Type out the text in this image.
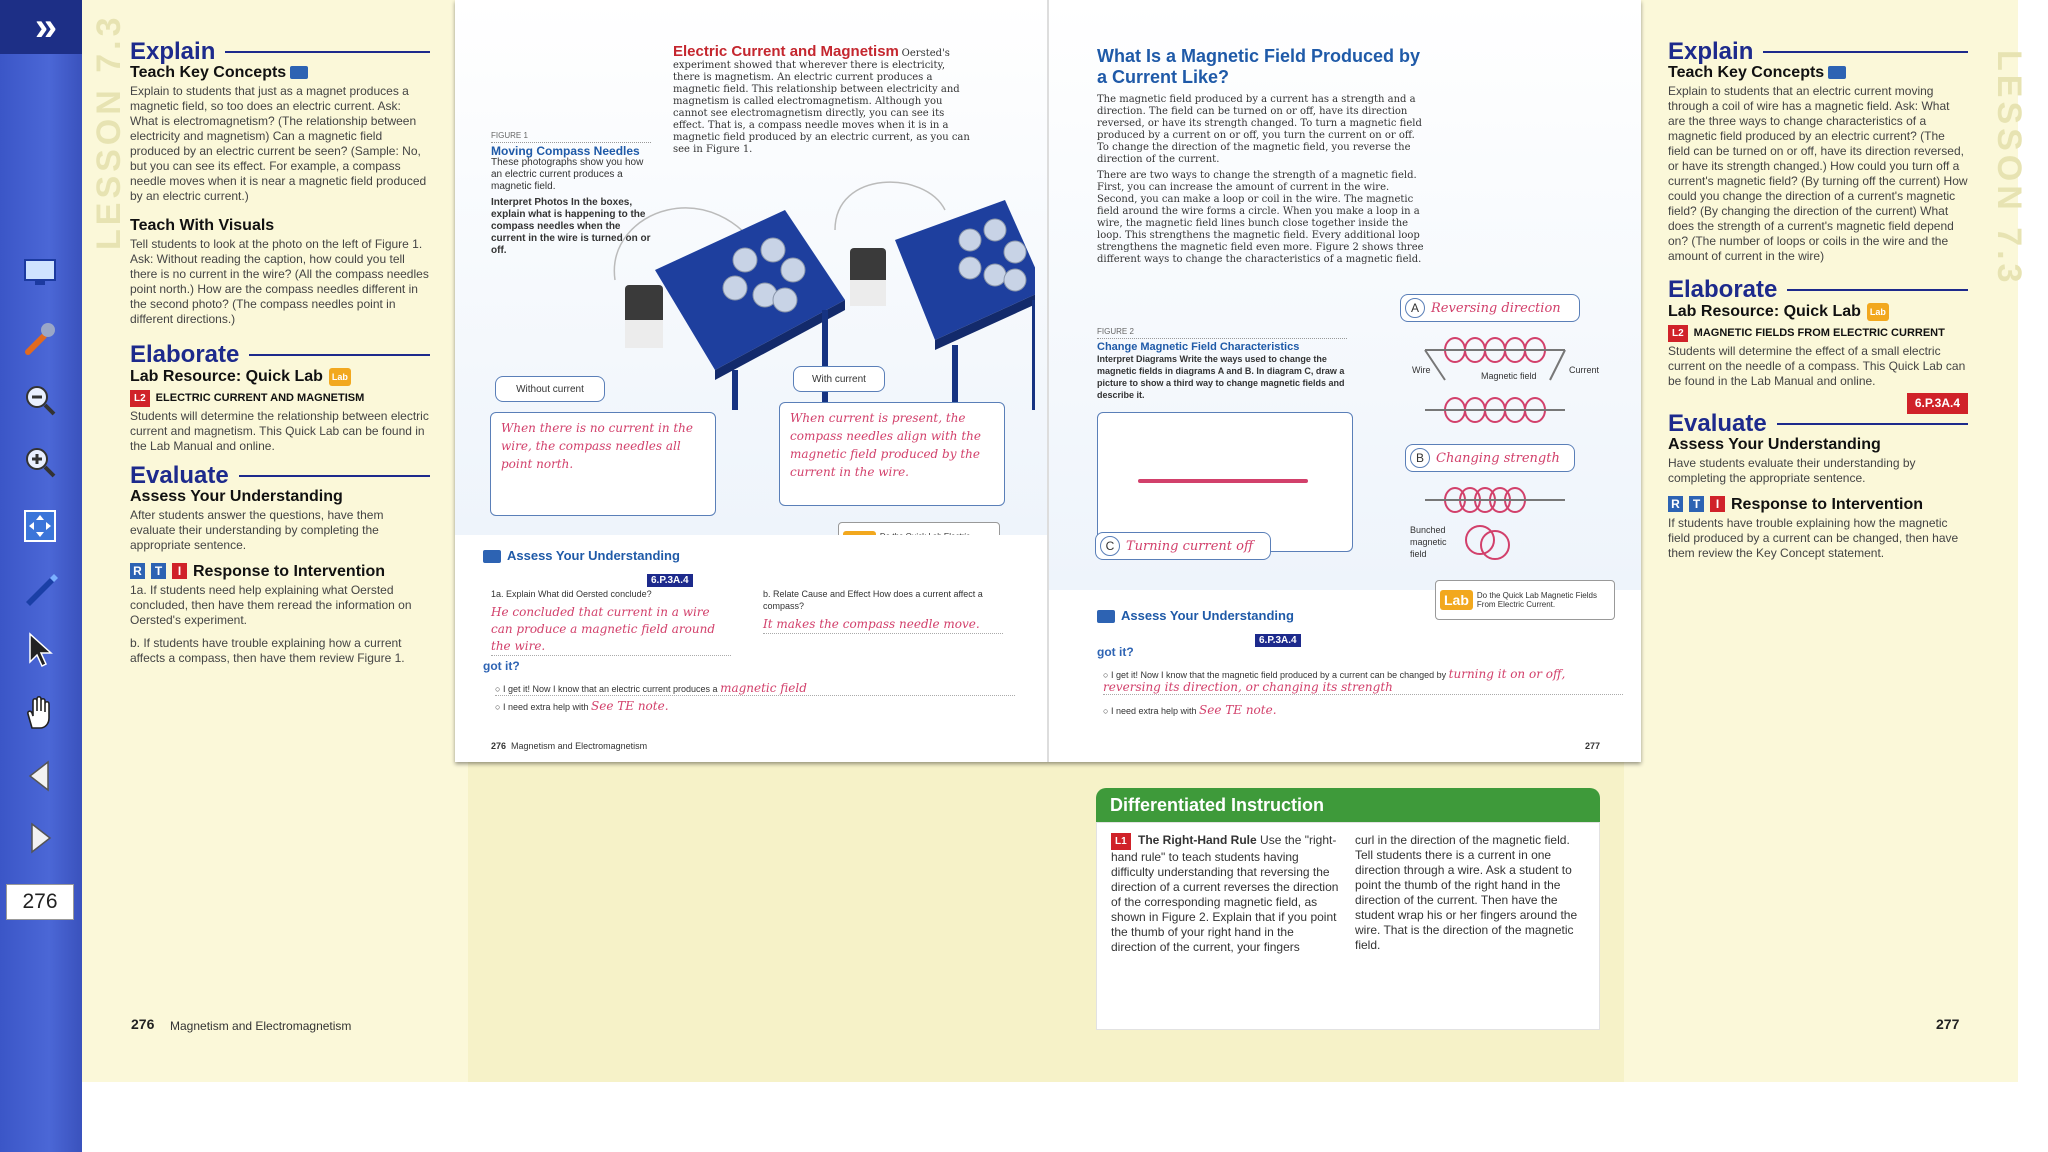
»
276
LESSON 7.3	LESSON 7.3
Explain
Teach Key Concepts
Explain to students that just as a magnet produces a magnetic field, so too does an electric current. Ask: What is electromagnetism? (The relationship between electricity and magnetism) Can a magnetic field produced by an electric current be seen? (Sample: No, but you can see its effect. For example, a compass needle moves when it is near a magnetic field produced by an electric current.)
Teach With Visuals
Tell students to look at the photo on the left of Figure 1. Ask: Without reading the caption, how could you tell there is no current in the wire? (All the compass needles point north.) How are the compass needles different in the second photo? (The compass needles point in different directions.)
Elaborate
Lab Resource: Quick Lab Lab
L2 ELECTRIC CURRENT AND MAGNETISM
Students will determine the relationship between electric current and magnetism. This Quick Lab can be found in the Lab Manual and online.
Evaluate
Assess Your Understanding
After students answer the questions, have them evaluate their understanding by completing the appropriate sentence.
R	T	I Response to Intervention
1a. If students need help explaining what Oersted concluded, then have them reread the information on Oersted's experiment.
b. If students have trouble explaining how a current affects a compass, then have them review Figure 1.
276 Magnetism and Electromagnetism
Explain
Teach Key Concepts
Explain to students that an electric current moving through a coil of wire has a magnetic field. Ask: What are the three ways to change characteristics of a magnetic field produced by an electric current? (The field can be turned on or off, have its direction reversed, or have its strength changed.) How could you turn off a current's magnetic field? (By turning off the current) How could you change the direction of a current's magnetic field? (By changing the direction of the current) What does the strength of a current's magnetic field depend on? (The number of loops or coils in the wire and the amount of current in the wire)
Elaborate
Lab Resource: Quick Lab Lab
L2 MAGNETIC FIELDS FROM ELECTRIC CURRENT
Students will determine the effect of a small electric current on the needle of a compass. This Quick Lab can be found in the Lab Manual and online.
6.P.3A.4
Evaluate
Assess Your Understanding
Have students evaluate their understanding by completing the appropriate sentence.
R	T	I Response to Intervention
If students have trouble explaining how the magnetic field produced by a current can be changed, then have them review the Key Concept statement.
277
Electric Current and Magnetism Oersted's experiment showed that wherever there is electricity, there is magnetism. An electric current produces a magnetic field. This relationship between electricity and magnetism is called electromagnetism. Although you cannot see electromagnetism directly, you can see its effect. That is, a compass needle moves when it is in a magnetic field produced by an electric current, as you can see in Figure 1.
FIGURE 1
Moving Compass Needles
These photographs show you how an electric current produces a magnetic field.
Interpret Photos In the boxes, explain what is happening to the compass needles when the current in the wire is turned on or off.
Without current
With current
When there is no current in the wire, the compass needles all point north.
When current is present, the compass needles align with the magnetic field produced by the current in the wire.
Assess Your Understanding
6.P.3A.4
1a. Explain What did Oersted conclude?
He concluded that current in a wire can produce a magnetic field around the wire.
b. Relate Cause and Effect How does a current affect a compass?
It makes the compass needle move.
got it?
○ I get it! Now I know that an electric current produces a magnetic field
○ I need extra help with See TE note.
276 Magnetism and Electromagnetism
What Is a Magnetic Field Produced by a Current Like?
The magnetic field produced by a current has a strength and a direction. The field can be turned on or off, have its direction reversed, or have its strength changed. To turn a magnetic field produced by a current on or off, you turn the current on or off. To change the direction of the magnetic field, you reverse the direction of the current.
There are two ways to change the strength of a magnetic field. First, you can increase the amount of current in the wire. Second, you can make a loop or coil in the wire. The magnetic field around the wire forms a circle. When you make a loop in a wire, the magnetic field lines bunch close together inside the loop. This strengthens the magnetic field. Every additional loop strengthens the magnetic field even more. Figure 2 shows three different ways to change the characteristics of a magnetic field.
FIGURE 2
Change Magnetic Field Characteristics
Interpret Diagrams Write the ways used to change the magnetic fields in diagrams A and B. In diagram C, draw a picture to show a third way to change magnetic fields and describe it.
A Reversing direction
B Changing strength
C Turning current off
Wire
Magnetic field
Current
Bunched magnetic field
Lab	Do the Quick Lab Magnetic Fields From Electric Current.
Assess Your Understanding
6.P.3A.4
got it?
○ I get it! Now I know that the magnetic field produced by a current can be changed by turning it on or off, reversing its direction, or changing its strength
○ I need extra help with See TE note.
277
Differentiated Instruction
L1 The Right-Hand Rule Use the "right-hand rule" to teach students having difficulty understanding that reversing the direction of a current reverses the direction of the corresponding magnetic field, as shown in Figure 2. Explain that if you point the thumb of your right hand in the direction of the current, your fingers
curl in the direction of the magnetic field. Tell students there is a current in one direction through a wire. Ask a student to point the thumb of the right hand in the direction of the current. Then have the student wrap his or her fingers around the wire. That is the direction of the magnetic field.
